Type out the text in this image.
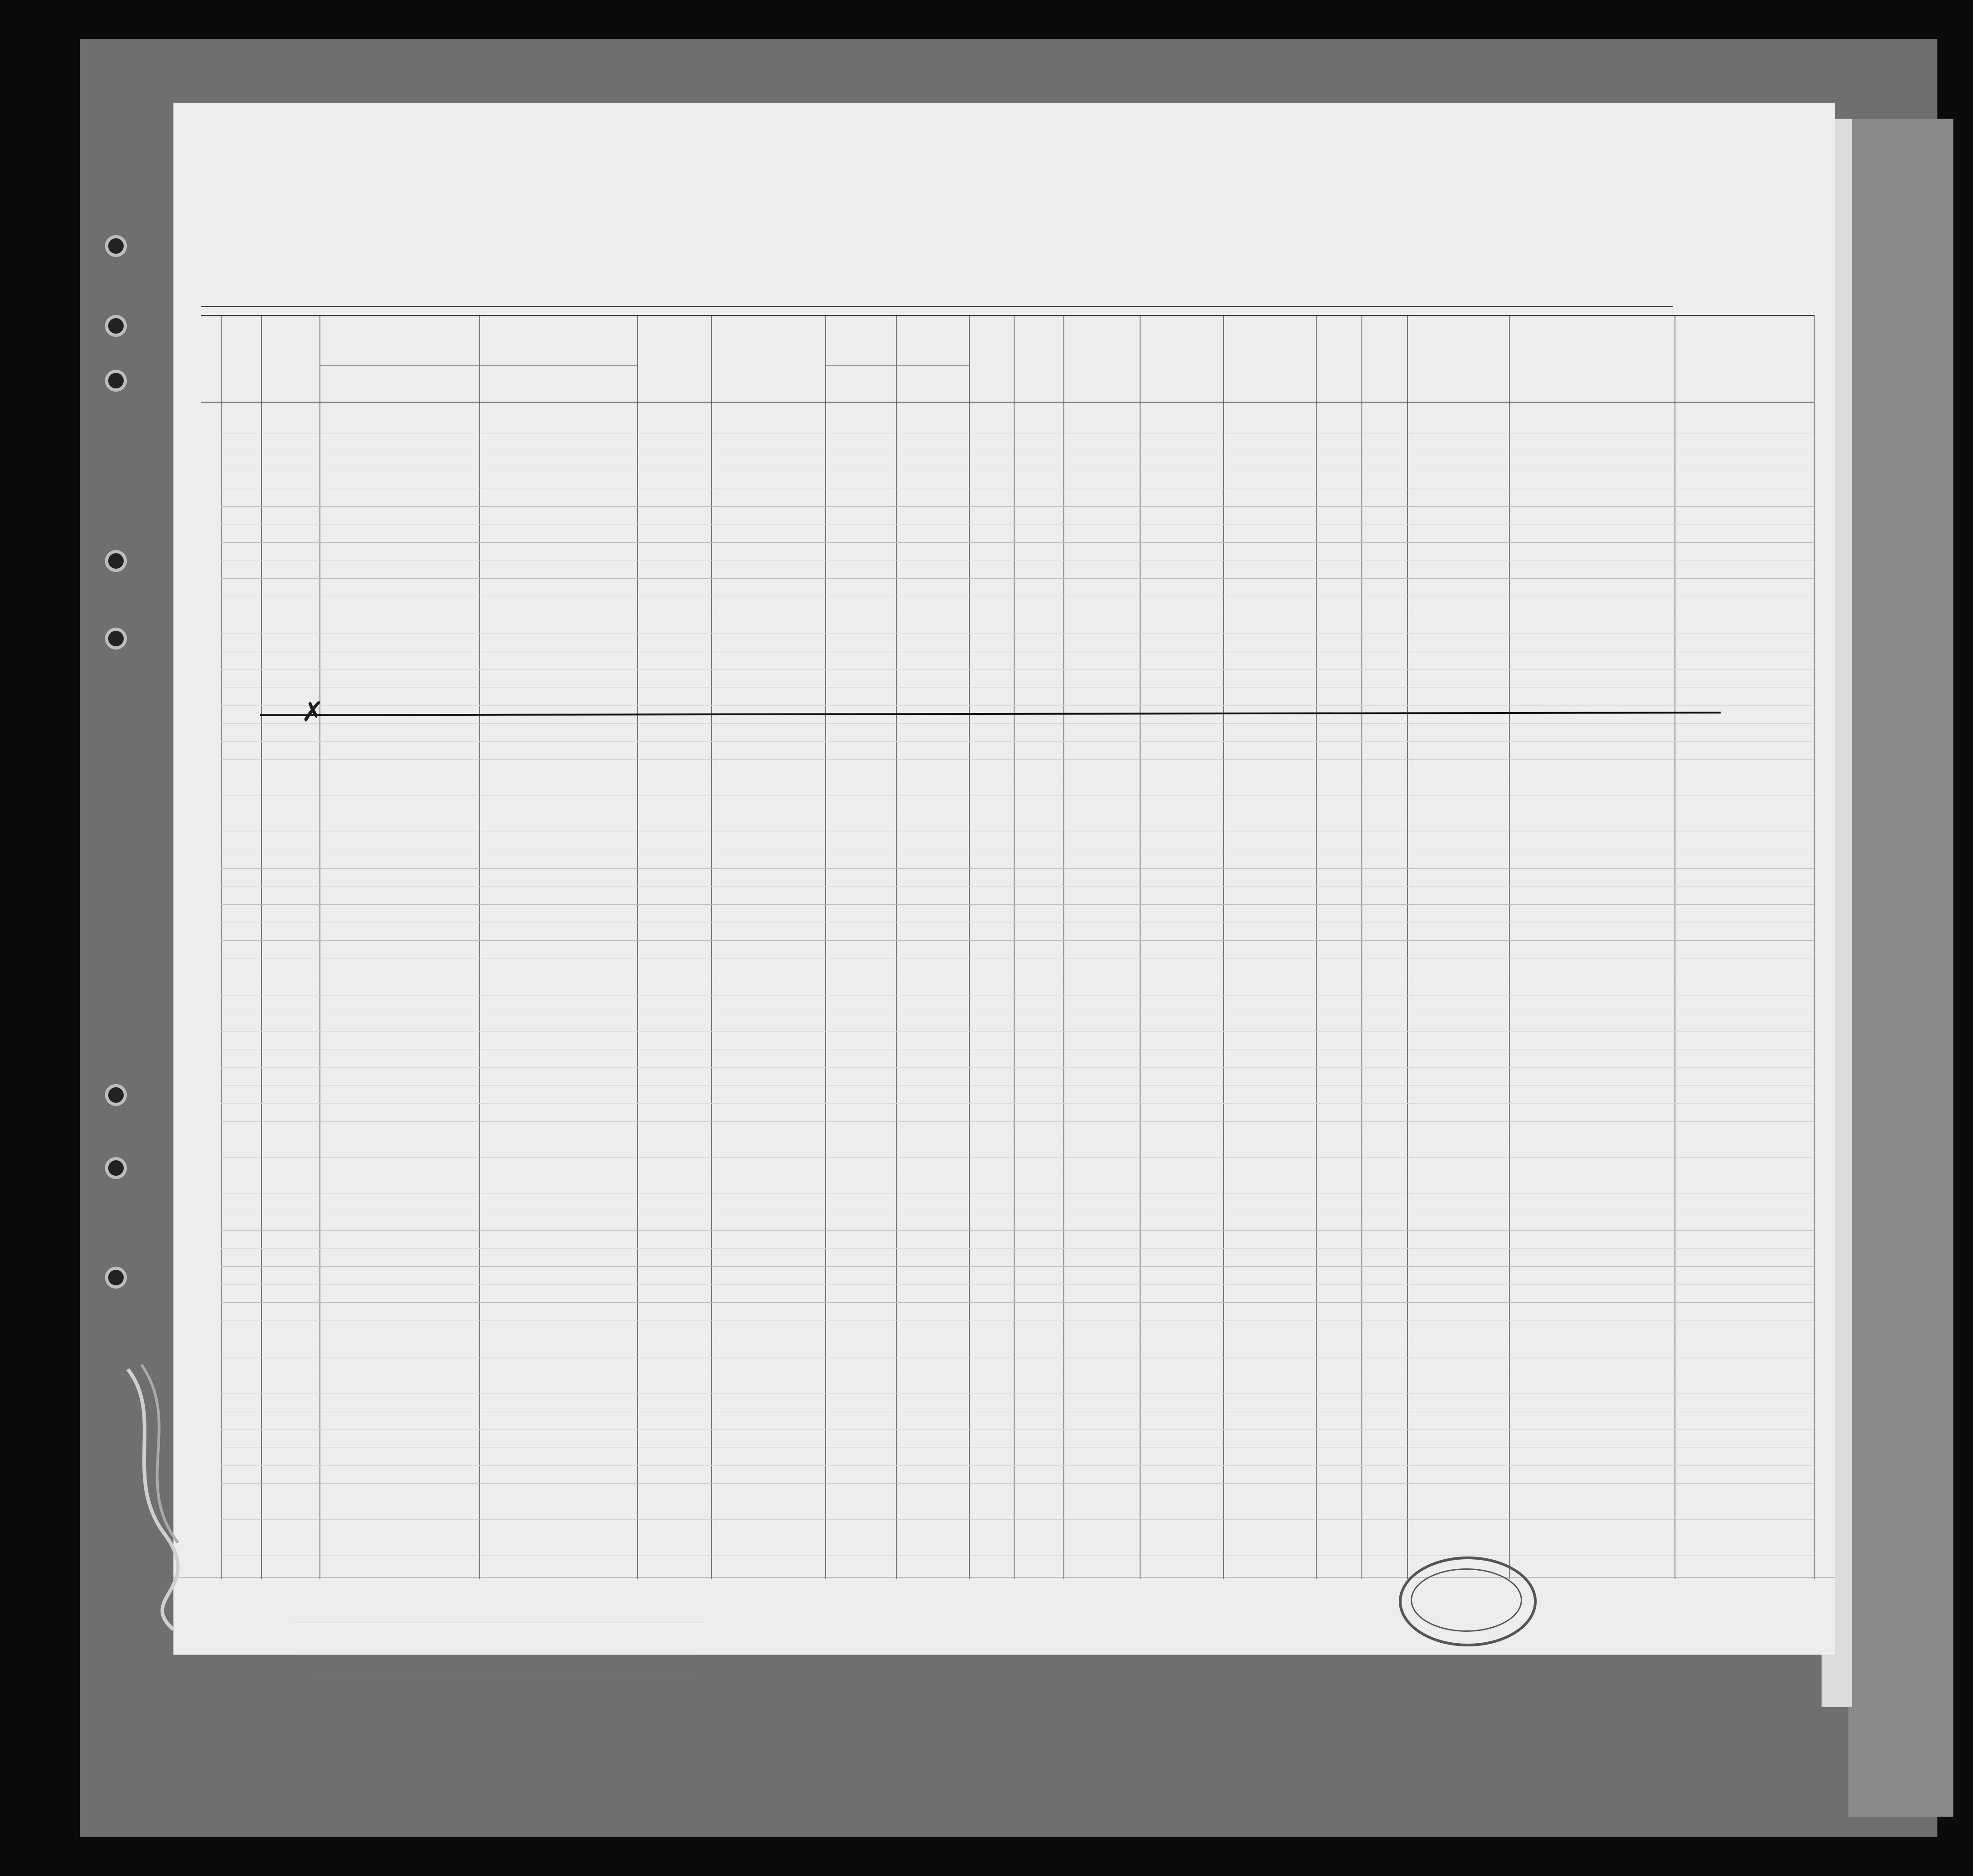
✗
